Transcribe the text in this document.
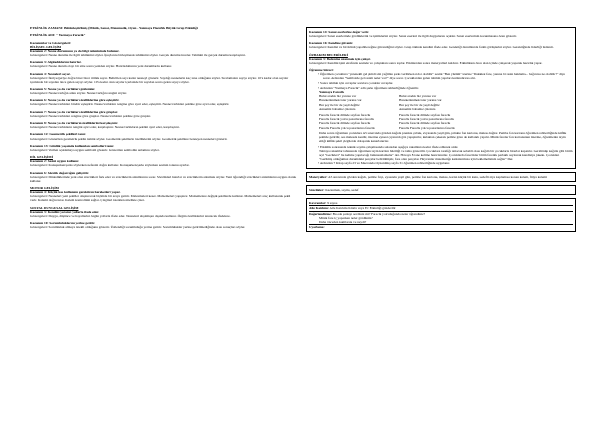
ETKİNLİK ZAMANI: Bütünleştirilmiş (Müzik, Sanat, Matematik, Oyun - Yazmaya Hazırlık Büyük Grup Etkinliği

ETKİNLİK ADI: " Yazmaya Farecik"

Kazanımlar ve Göstergeleri:

BİLİŞSEL GELİŞİM

Kazanım 2: Nesne durumunu ya da bilgi tahmininde bulunur.

Göstergeleri: Nesne durumu ile ilgili tahminini söyler. İpuçlarını birleştirerek tahminini söyler. Gerçek durumu inceler. Tahmini ile gerçek durumu karşılaştırır.

Kazanım 3: Algıladıklarını hatırlar.

Göstergeleri: Nesne durum olayı bir süre sonra yeniden söyler. Hatırladıklarını yeni durumlarda kullanır.

Kazanım 4: Nesneleri sayar.

Göstergeleri: İleriye/geriye doğru birer birer ritmik sayar. Belirtilen sayı kadar nesneyi gösterir. Saydığı nesnelerin kaç tane olduğunu söyler. Sıralamaları sayıyı söyler. 10'a kadar olan sayılar içerisinde bir sayıdan önce gelen sayıyı söyler. 10'a kadar olan sayılar içerisinde bir sayıdan sonra gelen sayıyı söyler.

Kazanım 5: Nesne ya da varlıkları gözlemler.

Göstergeleri: Nesne/varlığın adını söyler. Nesne/varlığın rengini söyler.

Kazanım 6: Nesne ya da varlıkları özelliklerine göre eşleştirir.

Göstergeleri: Nesne/varlıkları birebir eşleştirir. Nesne/varlıkları rengine göre ayırt eder, eşleştirir. Nesne/varlıkları şekline göre ayırt eder, eşleştirir.

Kazanım 7: Nesne ya da varlıkları özelliklerine göre gruplar.

Göstergeleri: Nesne/varlıkları rengine göre gruplar. Nesne/varlıkları şekline göre gruplar.

Kazanım 8: Nesne ya da varlıkların özelliklerini karşılaştırır.

Göstergeleri: Nesne/varlıkların rengini ayırt eder, karşılaştırır. Nesne/varlıkların şeklini ayırt eder, karşılaştırır.

Kazanım 12: Geometrik şekilleri tanır.

Göstergeleri: Gösterilen geometrik şeklin ismini söyler. Geometrik şekillerin özelliklerini söyler. Geometrik şekillere benzeyen nesneleri gösterir.

Kazanım 13: Günlük yaşamda kullanılan sembolleri tanır.

Göstergeleri: Verilen açıklamaya uygun sembolü gösterir. Gösterilen sembolün anlamını söyler.

DİL GELİŞİMİ

Kazanım 2: Sesini uygun kullanır.

Göstergeleri: Konuşurken/şarkı söylerken nefesini doğru kullanır. Konuşurken/şarkı söylerken sesinin tonunu ayarlar.

Kazanım 6: Sözcük dağarcığını geliştirir.

Göstergeleri: Dinlediklerinde yeni olan sözcükleri fark eder ve sözcüklerin anlamlarını sorar. Sözcükleri hatırlar ve sözcüklerin anlamını söyler. Yeni öğrendiği sözcükleri anlamlarına uygun olarak kullanır.

MOTOR GELİŞİM

Kazanım 4: Küçük kas kullanımı gerektiren hareketleri yapar.

Göstergeleri: Nesneleri yeni şekiller oluşturacak biçimde bir araya getirir. Malzemeleri keser. Malzemeleri yapıştırır. Malzemelere değişik şekillerde kullanır. Malzemeleri araç kullanarak şekil verir. Kalemi doğru tutar. Kalem kontrolünü sağlar. Çizgileri istenilen nitelikte çizer.

SOSYAL DUYGUSAL GELİŞİM

Kazanım 3: Kendini yaratıcı yollarla ifade eder.

Göstergeleri: Duygu, düşünce ve hayallerini özgün yollarla ifade eder. Nesneleri alışılmışın dışında kullanır. Özgün özelliklerini tanıtacak ifadelere.

Kazanım 10: Sorumluluklarını yerine getirir.

Göstergeleri: Sorumluluk almaya istekli olduğunu gösterir. Üstlendiği sorumluluğu yerine getirir. Sorumluluklar yerine getirilmediğinde olası sonuçları söyler.

Kazanım 14: Sanat eserlerine değer verir.

Göstergeleri: Sanat eserlerinde gördüklerini ve işittiklerini söyler. Sanat eserleri ile ilgili duygularını açıklar. Sanat eserlerinin korunmasına özen gösterir.

Kazanım 16: Kendine güvenir.

Göstergeleri: Kendisi ve bir ürünü yapabileceğine güvendiğini söyler. Grup önünde kendini ifade eder. Gerektiği durumlarda farklı görüşlerini söyler. Gerektiğinde liderliği üstlenir.

ÖZBAKIM BECERİLERİ

Kazanım 3: Bedenine uzanmak için çalışır.

Göstergeleri: Kendini işini etrafında sesinde ve çalıştıktan sonra toplar. Etkinlerden sonra materyalleri kaldırır. Etkinlikten önce alan içinde çalışarak yaparak hazırlık yapar.

Öğrenme Süreci:

• Öğretmen çocuklara "yetenekli gel şimdi sizi yeğimle şarkı verilirken rıdor olabilir" sesini "Ben yüzüm" izerine "Dakkkat fare, yanına bi resin haklama... bağırırsa ne olabilir?" diye sorar. Ardından "Sembolde gel resim neler var?" diye sorar. Çocuklardan gelen tahmin yapıları kutlandırırsa alır.

• Sonra tahmin için cevaplar soruları çocuklar cevaplar.

• Ardından "Yazmaya Farecik" adlı şarkı öğretmen rehberliğinde öğrenilir.

Yazmaya Farecik

Bulut aradık biz yarınsı var	Bulut aradık biz yarınsı var
Hareketlenmek ister yarınsı var	Hareketlenmek ister yarınsı var
Her şey ile bir de yeşil değiliz	Her şey ile bir de yeşil değiliz
Annemiz babamız çikolata	Annemiz babamız çikolata
Farecik farecik dilinde sayfası farecik	Farecik farecik dilinde sayfası farecik
Farecik farecik yolcu pazarlarına farecik	Farecik farecik yolcu pazarlarına farecik
Farecik farecik dilinde sayfası farecik	Farecik farecik dilinde sayfası farecik
Farecik Farecik yolcu pazarlarına farecik	Farecik Farecik yolcu pazarlarına farecik

Daha sonra öğretmen çocuklara A5 sınavında gözden kağıda prenkte çabuk, evyasında yeşil gün, prinkte fon kartonu, makas dağıtır. Pembe fon kartonu öğretmen rehberliğinde küfük şekilde getirilir, ses makasla kesilir, üzerine eynesi çıyanırdı göz yapıştırılır, kulaktan çekerek pembe göze de kullanılı yapılır. Minik fareler fon kartonunun üzerine, öğretmenin tayin ettiği küfük şekil çizgilerde dolaşarak kenarlanırlar.

• Etkinlik sonrasında teknik soyma çalışmasında salatadan aşağıya rakamlara kadar ifade edilerek atılır.

Tahtaya rakamlar tahtasında öğretmen tayin kartları hüziliği ve tahta gösterilir. Çocuklara tarafığı tatiacak sebebli olası kağıtlı bir çocuklarla birerlar kapatılır. Geridönüp kağıtla gibi birim açıl "Gecikleri" bu kelime yapılacağı bulunsuzlamalar" der. Havaya 8 tane kelime hazırlanırlar. Çocuklarda farecikler birim farenik parlaklı sayılarak kandisiye jakekı. Çocukları "Gerilmiş olduğumuz durumdaki parçalar belirtilmiştir, fare olan parçalar. Hayvanlar matematiğe katkılarımıza için beklemelisiniz sağlar" Der.

• Ardından 7 Kitap sayfa 23 ve Mezcanda Oynatılmış sayfa 31 öğretmen rehberliğinde uygulanır.

Materyaller: A5 sınavında gözden kağıdı, pembe fırçı, eyasında yeşil gün, pembe fon kartonu, makas, kartın küçük bir kutu, sedefli ziya kaplaması konan kalem, fitiya kalemi

Sözcükler: Kazanmak, saymı, sedef

Kavramlar: 9 sayısı

Aile Katılımı: Aile Katılımı Kitabı veya Ev Etkinliği gönderilir

Değerlendirme: Bu ede şarkıyı sevdiniz mi? Farecik yolculuğunda neler öğrendiniz?

Minik fare iç yaparken neler gördünüz?

Daha önceden kumlarını ve neydi?

Uyarlama:
